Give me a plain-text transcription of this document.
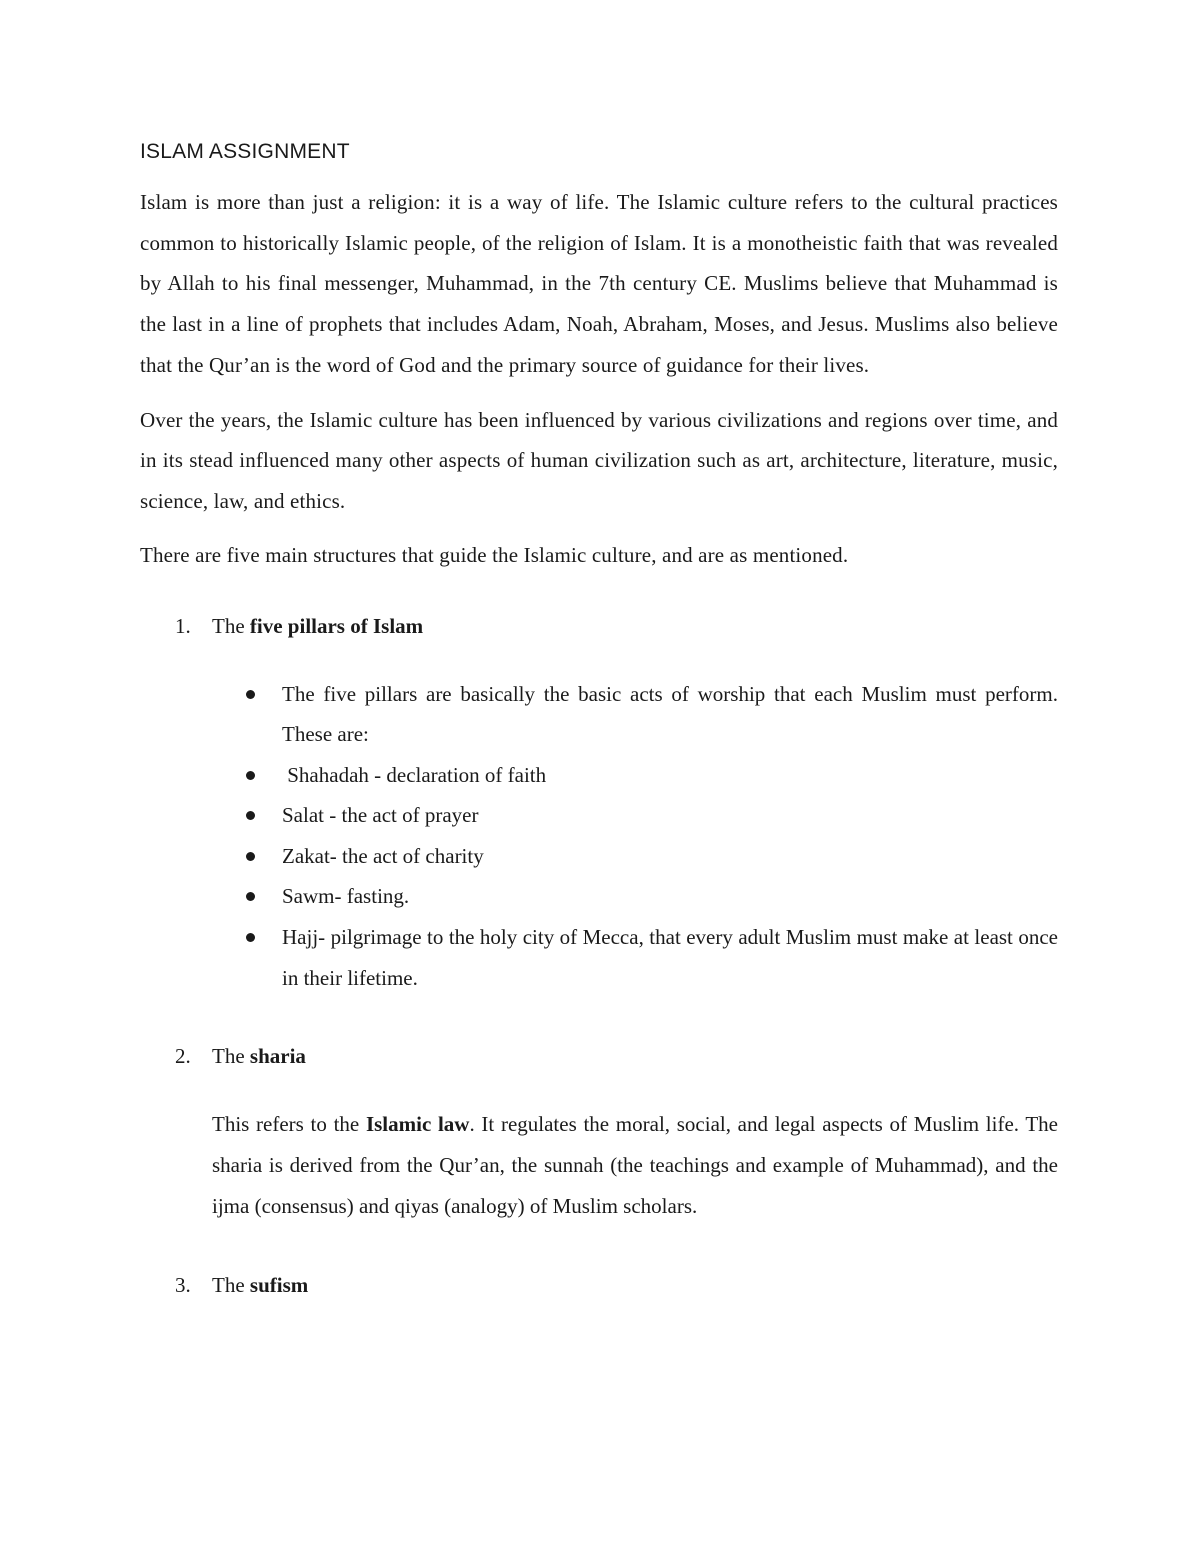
ISLAM ASSIGNMENT

Islam is more than just a religion: it is a way of life. The Islamic culture refers to the cultural practices common to historically Islamic people, of the religion of Islam. It is a monotheistic faith that was revealed by Allah to his final messenger, Muhammad, in the 7th century CE. Muslims believe that Muhammad is the last in a line of prophets that includes Adam, Noah, Abraham, Moses, and Jesus. Muslims also believe that the Qur’an is the word of God and the primary source of guidance for their lives.

Over the years, the Islamic culture has been influenced by various civilizations and regions over time, and in its stead influenced many other aspects of human civilization such as art, architecture, literature, music, science, law, and ethics.

There are five main structures that guide the Islamic culture, and are as mentioned.

1. The five pillars of Islam
The five pillars are basically the basic acts of worship that each Muslim must perform. These are:
Shahadah - declaration of faith
Salat - the act of prayer
Zakat- the act of charity
Sawm- fasting.
Hajj- pilgrimage to the holy city of Mecca, that every adult Muslim must make at least once in their lifetime.
2. The sharia
This refers to the Islamic law. It regulates the moral, social, and legal aspects of Muslim life. The sharia is derived from the Qur’an, the sunnah (the teachings and example of Muhammad), and the ijma (consensus) and qiyas (analogy) of Muslim scholars.
3. The sufism
